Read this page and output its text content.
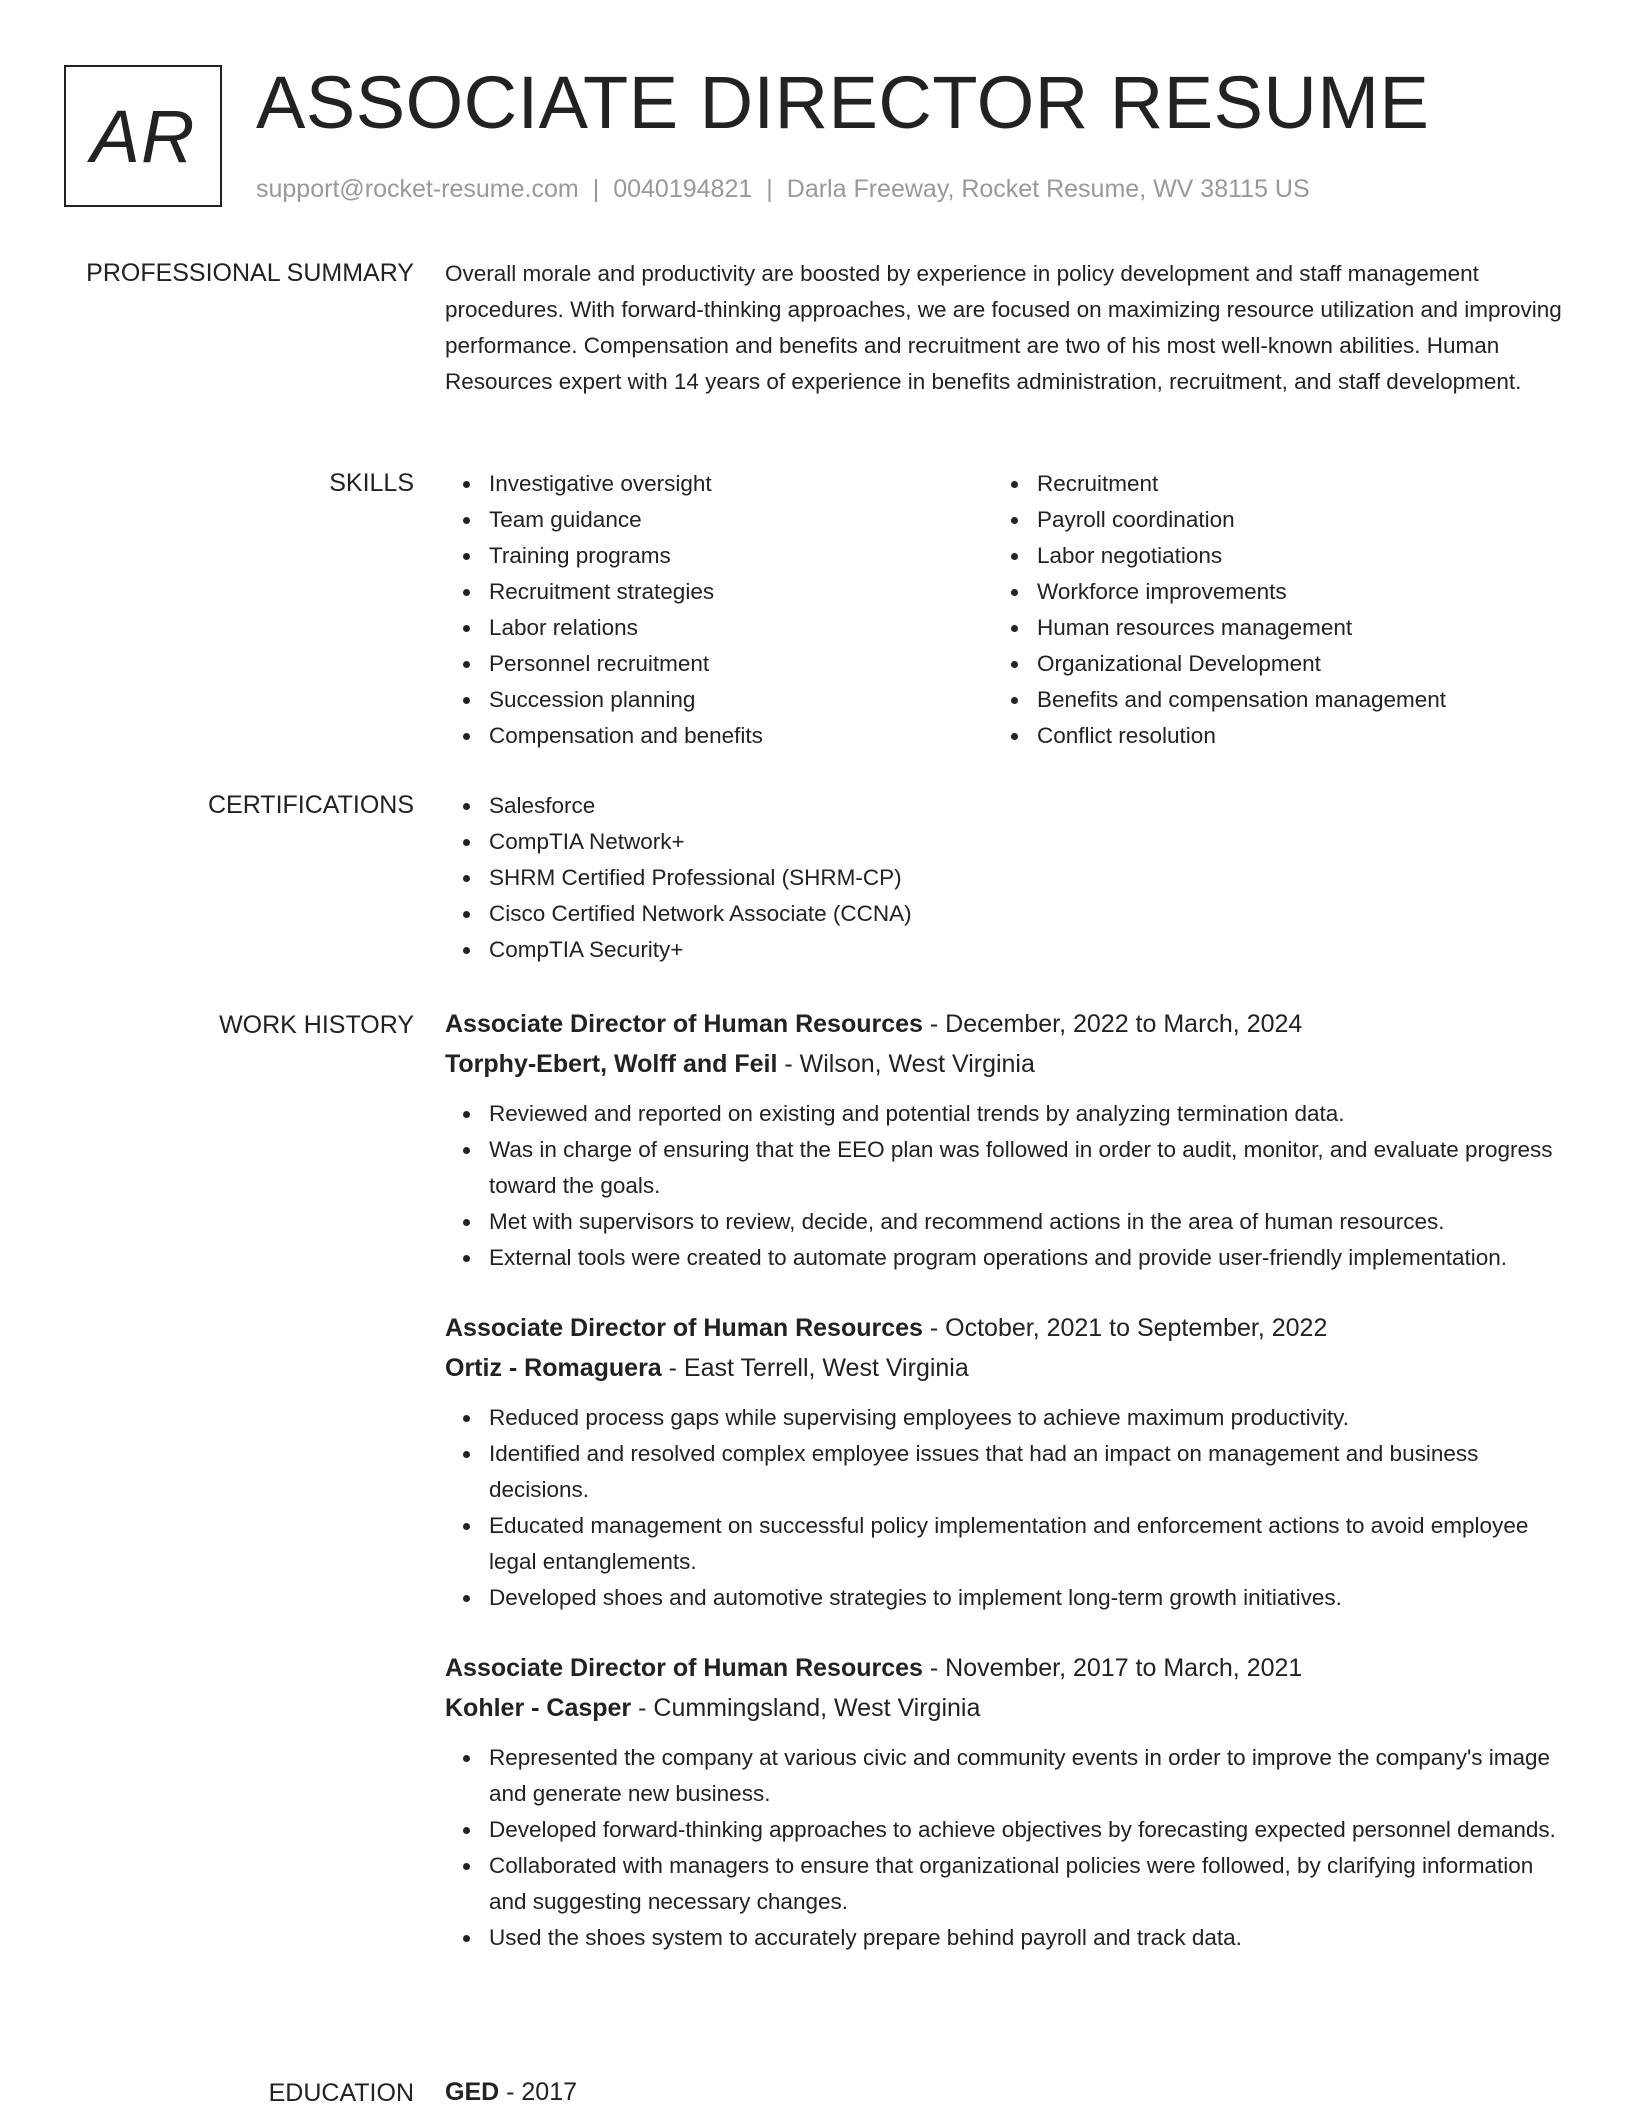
AR ASSOCIATE DIRECTOR RESUME
support@rocket-resume.com | 0040194821 | Darla Freeway, Rocket Resume, WV 38115 US
PROFESSIONAL SUMMARY Overall morale and productivity are boosted by experience in policy development and staff management procedures. With forward-thinking approaches, we are focused on maximizing resource utilization and improving performance. Compensation and benefits and recruitment are two of his most well-known abilities. Human Resources expert with 14 years of experience in benefits administration, recruitment, and staff development.
SKILLS	Investigative oversight
Team guidance
Training programs
Recruitment strategies
Labor relations
Personnel recruitment
Succession planning
Compensation and benefits
Recruitment
Payroll coordination
Labor negotiations
Workforce improvements
Human resources management
Organizational Development
Benefits and compensation management
Conflict resolution
CERTIFICATIONS	Salesforce
CompTIA Network+
SHRM Certified Professional (SHRM-CP)
Cisco Certified Network Associate (CCNA)
CompTIA Security+
WORK HISTORY Associate Director of Human Resources - December, 2022 to March, 2024
Torphy-Ebert, Wolff and Feil - Wilson, West Virginia
Reviewed and reported on existing and potential trends by analyzing termination data.
Was in charge of ensuring that the EEO plan was followed in order to audit, monitor, and evaluate progress toward the goals.
Met with supervisors to review, decide, and recommend actions in the area of human resources.
External tools were created to automate program operations and provide user-friendly implementation.
Associate Director of Human Resources - October, 2021 to September, 2022
Ortiz - Romaguera - East Terrell, West Virginia
Reduced process gaps while supervising employees to achieve maximum productivity.
Identified and resolved complex employee issues that had an impact on management and business decisions.
Educated management on successful policy implementation and enforcement actions to avoid employee legal entanglements.
Developed shoes and automotive strategies to implement long-term growth initiatives.
Associate Director of Human Resources - November, 2017 to March, 2021
Kohler - Casper - Cummingsland, West Virginia
Represented the company at various civic and community events in order to improve the company's image and generate new business.
Developed forward-thinking approaches to achieve objectives by forecasting expected personnel demands.
Collaborated with managers to ensure that organizational policies were followed, by clarifying information and suggesting necessary changes.
Used the shoes system to accurately prepare behind payroll and track data.
EDUCATION GED - 2017
